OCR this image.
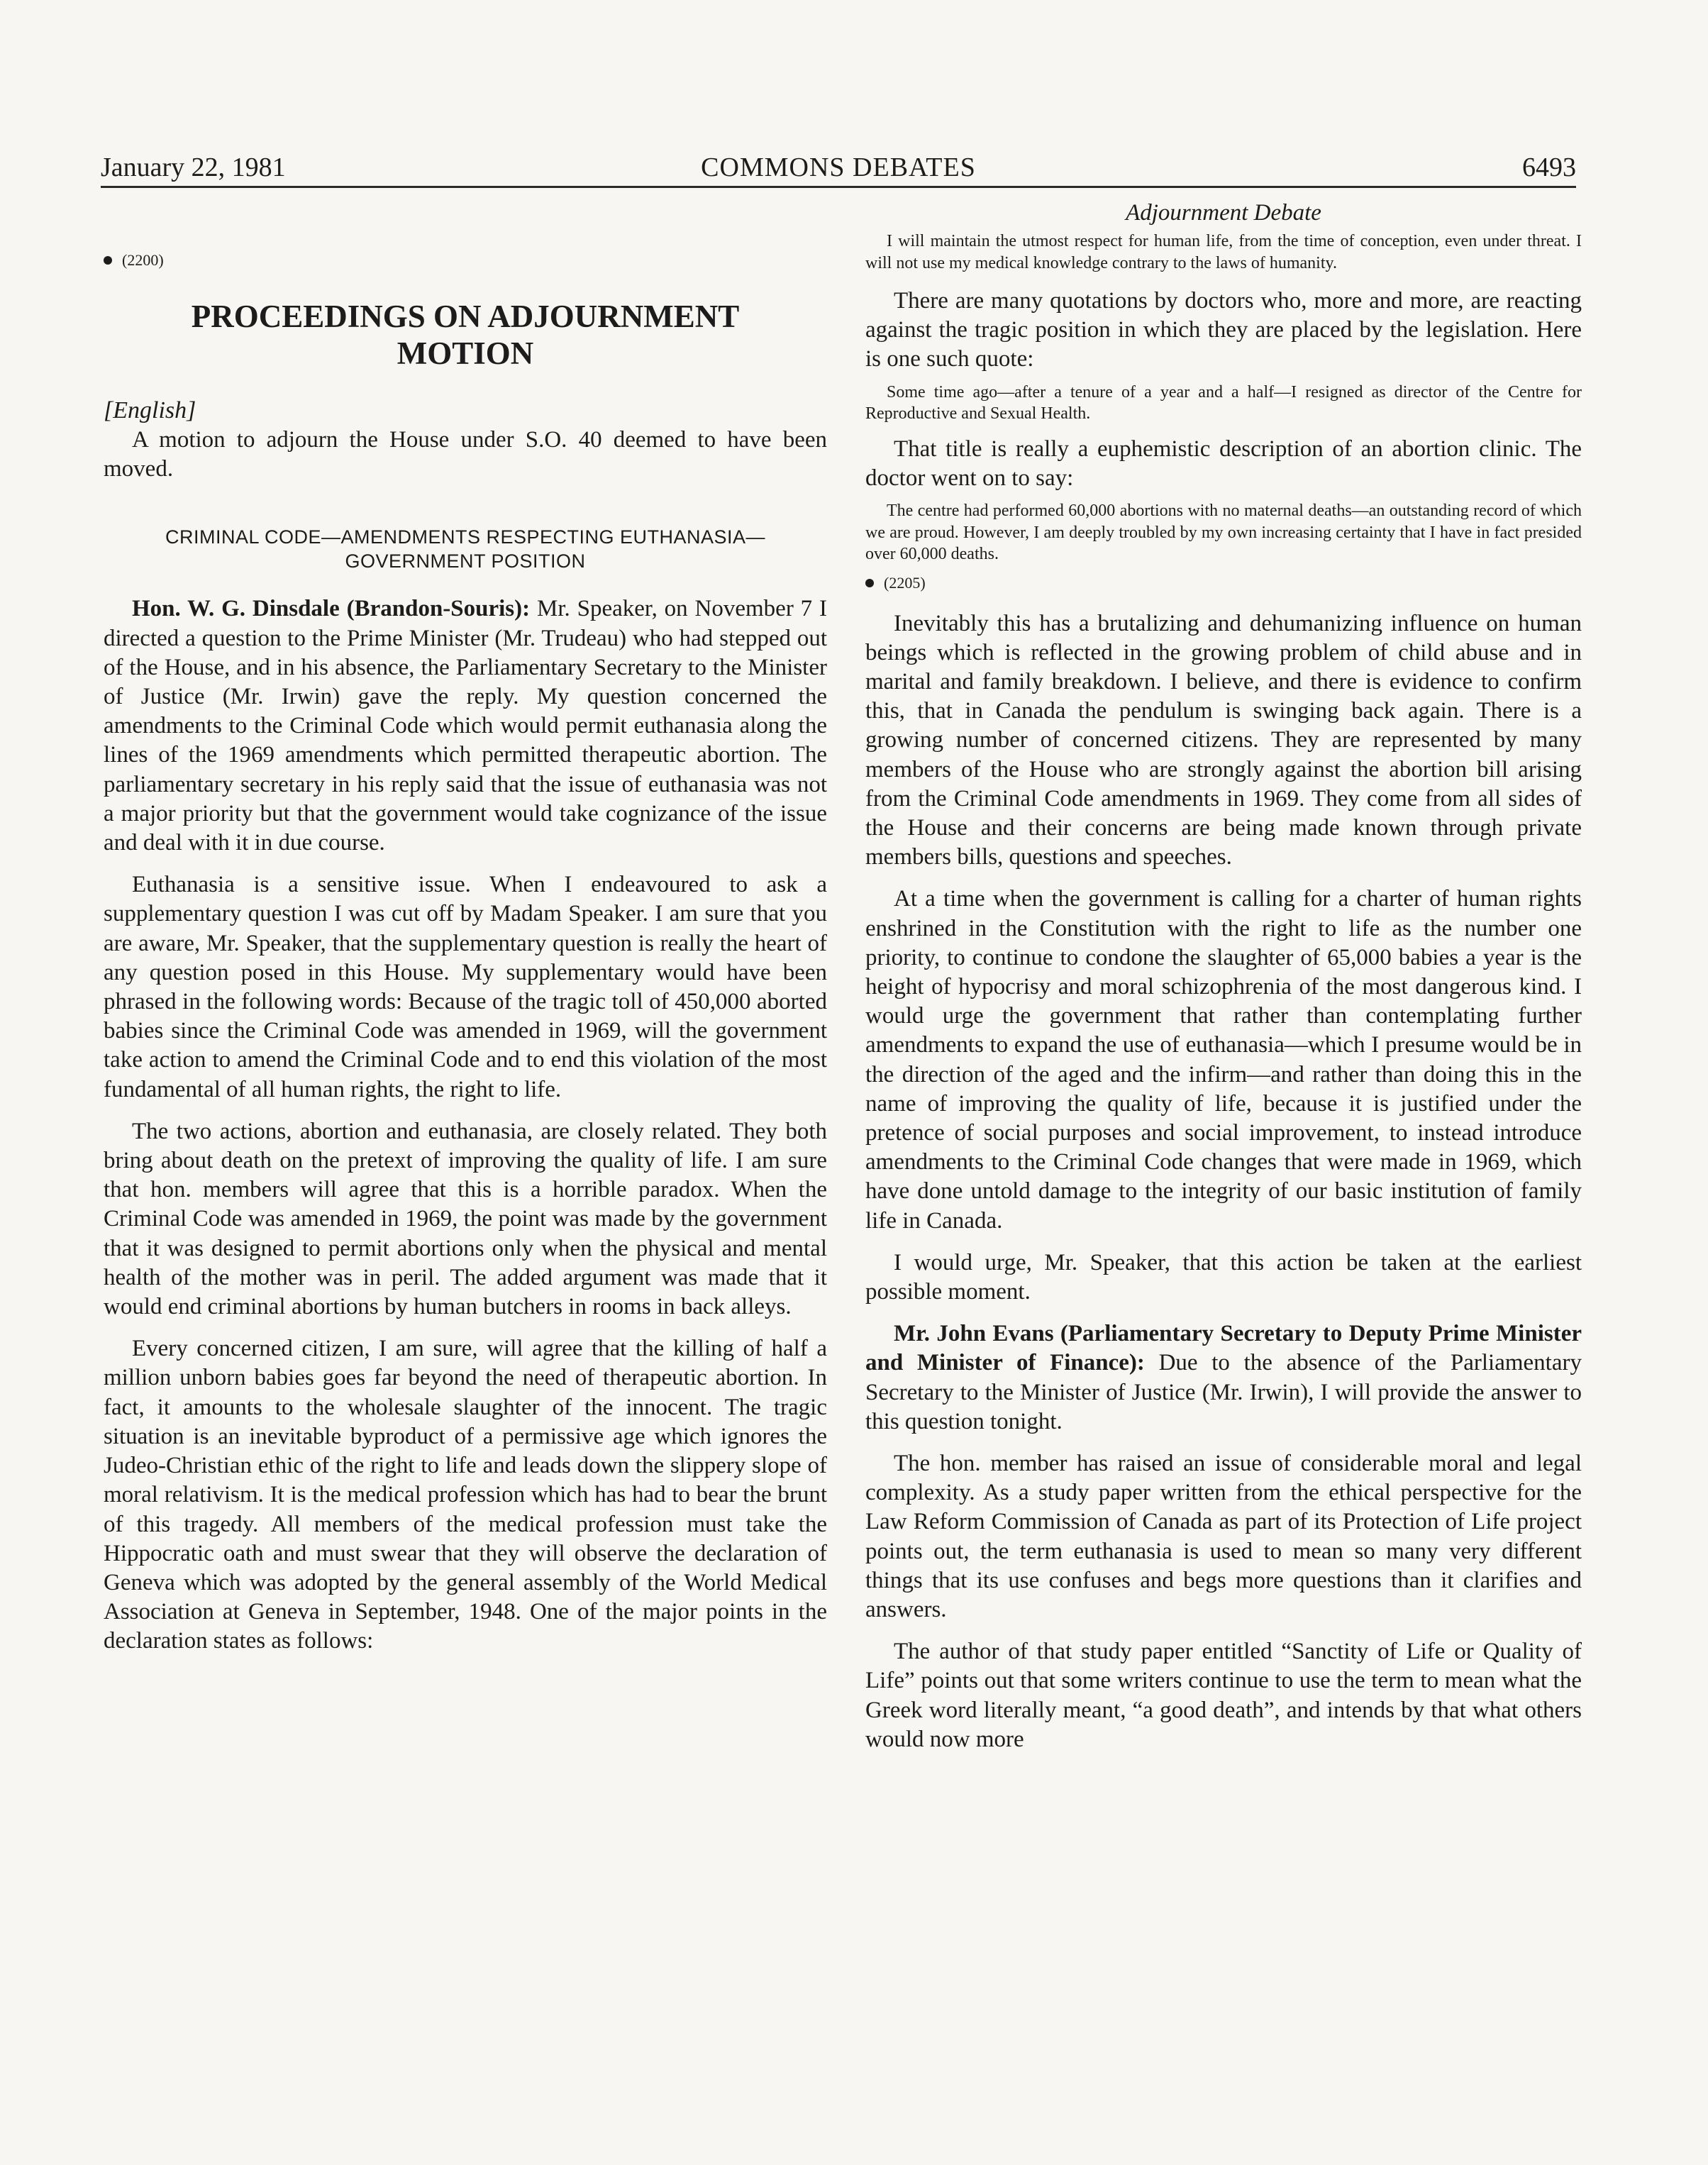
January 22, 1981	COMMONS DEBATES	6493
(2200)

PROCEEDINGS ON ADJOURNMENT

MOTION

[English]

A motion to adjourn the House under S.O. 40 deemed to have been moved.

CRIMINAL CODE—AMENDMENTS RESPECTING EUTHANASIA—

GOVERNMENT POSITION

Hon. W. G. Dinsdale (Brandon-Souris): Mr. Speaker, on November 7 I directed a question to the Prime Minister (Mr. Trudeau) who had stepped out of the House, and in his absence, the Parliamentary Secretary to the Minister of Justice (Mr. Irwin) gave the reply. My question concerned the amendments to the Criminal Code which would permit euthanasia along the lines of the 1969 amendments which permitted therapeutic abortion. The parliamentary secretary in his reply said that the issue of euthanasia was not a major priority but that the government would take cognizance of the issue and deal with it in due course.

Euthanasia is a sensitive issue. When I endeavoured to ask a supplementary question I was cut off by Madam Speaker. I am sure that you are aware, Mr. Speaker, that the supplementary question is really the heart of any question posed in this House. My supplementary would have been phrased in the following words: Because of the tragic toll of 450,000 aborted babies since the Criminal Code was amended in 1969, will the government take action to amend the Criminal Code and to end this violation of the most fundamental of all human rights, the right to life.

The two actions, abortion and euthanasia, are closely related. They both bring about death on the pretext of improving the quality of life. I am sure that hon. members will agree that this is a horrible paradox. When the Criminal Code was amended in 1969, the point was made by the government that it was designed to permit abortions only when the physical and mental health of the mother was in peril. The added argument was made that it would end criminal abortions by human butchers in rooms in back alleys.

Every concerned citizen, I am sure, will agree that the killing of half a million unborn babies goes far beyond the need of therapeutic abortion. In fact, it amounts to the wholesale slaughter of the innocent. The tragic situation is an inevitable byproduct of a permissive age which ignores the Judeo-Christian ethic of the right to life and leads down the slippery slope of moral relativism. It is the medical profession which has had to bear the brunt of this tragedy. All members of the medical profession must take the Hippocratic oath and must swear that they will observe the declaration of Geneva which was adopted by the general assembly of the World Medical Association at Geneva in September, 1948. One of the major points in the declaration states as follows:

Adjournment Debate

I will maintain the utmost respect for human life, from the time of conception, even under threat. I will not use my medical knowledge contrary to the laws of humanity.

There are many quotations by doctors who, more and more, are reacting against the tragic position in which they are placed by the legislation. Here is one such quote:

Some time ago—after a tenure of a year and a half—I resigned as director of the Centre for Reproductive and Sexual Health.

That title is really a euphemistic description of an abortion clinic. The doctor went on to say:

The centre had performed 60,000 abortions with no maternal deaths—an outstanding record of which we are proud. However, I am deeply troubled by my own increasing certainty that I have in fact presided over 60,000 deaths.

(2205)

Inevitably this has a brutalizing and dehumanizing influence on human beings which is reflected in the growing problem of child abuse and in marital and family breakdown. I believe, and there is evidence to confirm this, that in Canada the pendulum is swinging back again. There is a growing number of concerned citizens. They are represented by many members of the House who are strongly against the abortion bill arising from the Criminal Code amendments in 1969. They come from all sides of the House and their concerns are being made known through private members bills, questions and speeches.

At a time when the government is calling for a charter of human rights enshrined in the Constitution with the right to life as the number one priority, to continue to condone the slaughter of 65,000 babies a year is the height of hypocrisy and moral schizophrenia of the most dangerous kind. I would urge the government that rather than contemplating further amendments to expand the use of euthanasia—which I presume would be in the direction of the aged and the infirm—and rather than doing this in the name of improving the quality of life, because it is justified under the pretence of social purposes and social improvement, to instead introduce amendments to the Criminal Code changes that were made in 1969, which have done untold damage to the integrity of our basic institution of family life in Canada.

I would urge, Mr. Speaker, that this action be taken at the earliest possible moment.

Mr. John Evans (Parliamentary Secretary to Deputy Prime Minister and Minister of Finance): Due to the absence of the Parliamentary Secretary to the Minister of Justice (Mr. Irwin), I will provide the answer to this question tonight.

The hon. member has raised an issue of considerable moral and legal complexity. As a study paper written from the ethical perspective for the Law Reform Commission of Canada as part of its Protection of Life project points out, the term euthanasia is used to mean so many very different things that its use confuses and begs more questions than it clarifies and answers.

The author of that study paper entitled “Sanctity of Life or Quality of Life” points out that some writers continue to use the term to mean what the Greek word literally meant, “a good death”, and intends by that what others would now more
